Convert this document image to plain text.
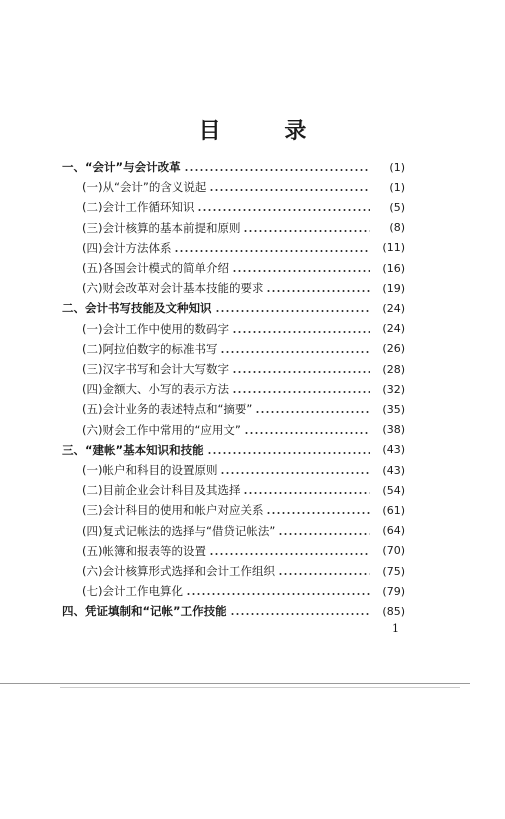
目 录
一、“会计”与会计改革	(1)
(一)从“会计”的含义说起	(1)
(二)会计工作循环知识	(5)
(三)会计核算的基本前提和原则	(8)
(四)会计方法体系	(11)
(五)各国会计模式的简单介绍	(16)
(六)财会改革对会计基本技能的要求	(19)
二、会计书写技能及文种知识	(24)
(一)会计工作中使用的数码字	(24)
(二)阿拉伯数字的标准书写	(26)
(三)汉字书写和会计大写数字	(28)
(四)金额大、小写的表示方法	(32)
(五)会计业务的表述特点和“摘要”	(35)
(六)财会工作中常用的“应用文”	(38)
三、“建帐”基本知识和技能	(43)
(一)帐户和科目的设置原则	(43)
(二)目前企业会计科目及其选择	(54)
(三)会计科目的使用和帐户对应关系	(61)
(四)复式记帐法的选择与“借贷记帐法”	(64)
(五)帐簿和报表等的设置	(70)
(六)会计核算形式选择和会计工作组织	(75)
(七)会计工作电算化	(79)
四、凭证填制和“记帐”工作技能	(85)
1
